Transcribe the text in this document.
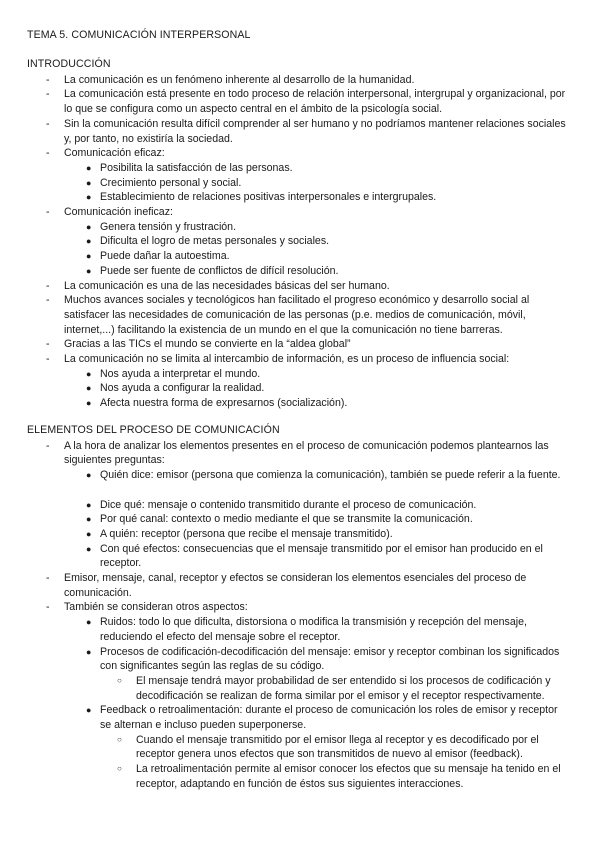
TEMA 5. COMUNICACIÓN INTERPERSONAL
INTRODUCCIÓN
- La comunicación es un fenómeno inherente al desarrollo de la humanidad.
- La comunicación está presente en todo proceso de relación interpersonal, intergrupal y organizacional, por lo que se configura como un aspecto central en el ámbito de la psicología social.
- Sin la comunicación resulta difícil comprender al ser humano y no podríamos mantener relaciones sociales y, por tanto, no existiría la sociedad.
- Comunicación eficaz:
● Posibilita la satisfacción de las personas.
● Crecimiento personal y social.
● Establecimiento de relaciones positivas interpersonales e intergrupales.
- Comunicación ineficaz:
● Genera tensión y frustración.
● Dificulta el logro de metas personales y sociales.
● Puede dañar la autoestima.
● Puede ser fuente de conflictos de difícil resolución.
- La comunicación es una de las necesidades básicas del ser humano.
- Muchos avances sociales y tecnológicos han facilitado el progreso económico y desarrollo social al satisfacer las necesidades de comunicación de las personas (p.e. medios de comunicación, móvil, internet,...) facilitando la existencia de un mundo en el que la comunicación no tiene barreras.
- Gracias a las TICs el mundo se convierte en la “aldea global”
- La comunicación no se limita al intercambio de información, es un proceso de influencia social:
● Nos ayuda a interpretar el mundo.
● Nos ayuda a configurar la realidad.
● Afecta nuestra forma de expresarnos (socialización).
ELEMENTOS DEL PROCESO DE COMUNICACIÓN
- A la hora de analizar los elementos presentes en el proceso de comunicación podemos plantearnos las siguientes preguntas:
● Quién dice: emisor (persona que comienza la comunicación), también se puede referir a la fuente.
● Dice qué: mensaje o contenido transmitido durante el proceso de comunicación.
● Por qué canal: contexto o medio mediante el que se transmite la comunicación.
● A quién: receptor (persona que recibe el mensaje transmitido).
● Con qué efectos: consecuencias que el mensaje transmitido por el emisor han producido en el receptor.
- Emisor, mensaje, canal, receptor y efectos se consideran los elementos esenciales del proceso de comunicación.
- También se consideran otros aspectos:
● Ruidos: todo lo que dificulta, distorsiona o modifica la transmisión y recepción del mensaje, reduciendo el efecto del mensaje sobre el receptor.
● Procesos de codificación-decodificación del mensaje: emisor y receptor combinan los significados con significantes según las reglas de su código.
○ El mensaje tendrá mayor probabilidad de ser entendido si los procesos de codificación y decodificación se realizan de forma similar por el emisor y el receptor respectivamente.
● Feedback o retroalimentación: durante el proceso de comunicación los roles de emisor y receptor se alternan e incluso pueden superponerse.
○ Cuando el mensaje transmitido por el emisor llega al receptor y es decodificado por el receptor genera unos efectos que son transmitidos de nuevo al emisor (feedback).
○ La retroalimentación permite al emisor conocer los efectos que su mensaje ha tenido en el receptor, adaptando en función de éstos sus siguientes interacciones.
